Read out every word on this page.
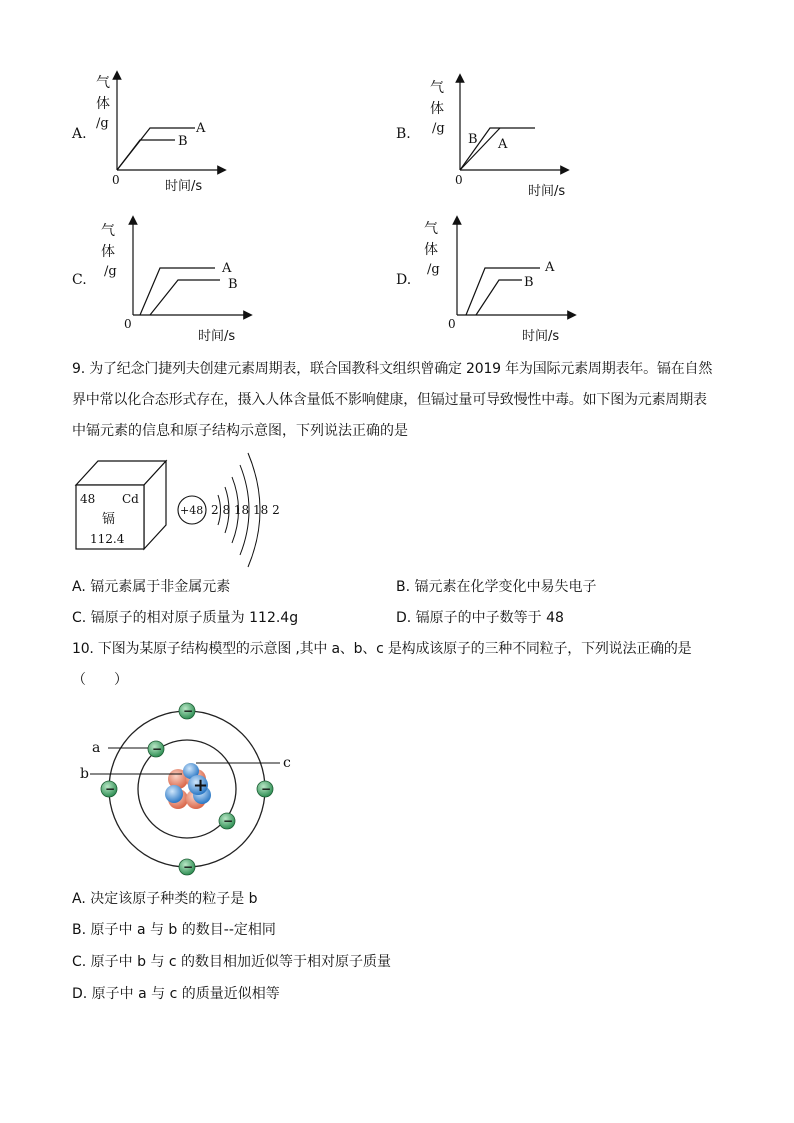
A.
气
体
/g
0	时间/s
A
B
气
体
/g
0
时间/s
B A
气
体
/g
0
时间/s
A
B
气
体
/g
0
时间/s
A
B
B.
C.	D.
9. 为了纪念门捷列夫创建元素周期表，联合国教科文组织曾确定 2019 年为国际元素周期表年。镉在自然
界中常以化合态形式存在，摄入人体含量低不影响健康，但镉过量可导致慢性中毒。如下图为元素周期表
中镉元素的信息和原子结构示意图，下列说法正确的是
48 Cd
镉
112.4
+48 2 8 18 18 2
A. 镉元素属于非金属元素	B. 镉元素在化学变化中易失电子
C. 镉原子的相对原子质量为 112.4g	D. 镉原子的中子数等于 48
10. 下图为某原子结构模型的示意图 ,其中 a、b、c 是构成该原子的三种不同粒子，下列说法正确的是
（　　）
+
−
−
−	−
−
−
a
b
c
A. 决定该原子种类的粒子是 b
B. 原子中 a 与 b 的数目--定相同
C. 原子中 b 与 c 的数目相加近似等于相对原子质量
D. 原子中 a 与 c 的质量近似相等
